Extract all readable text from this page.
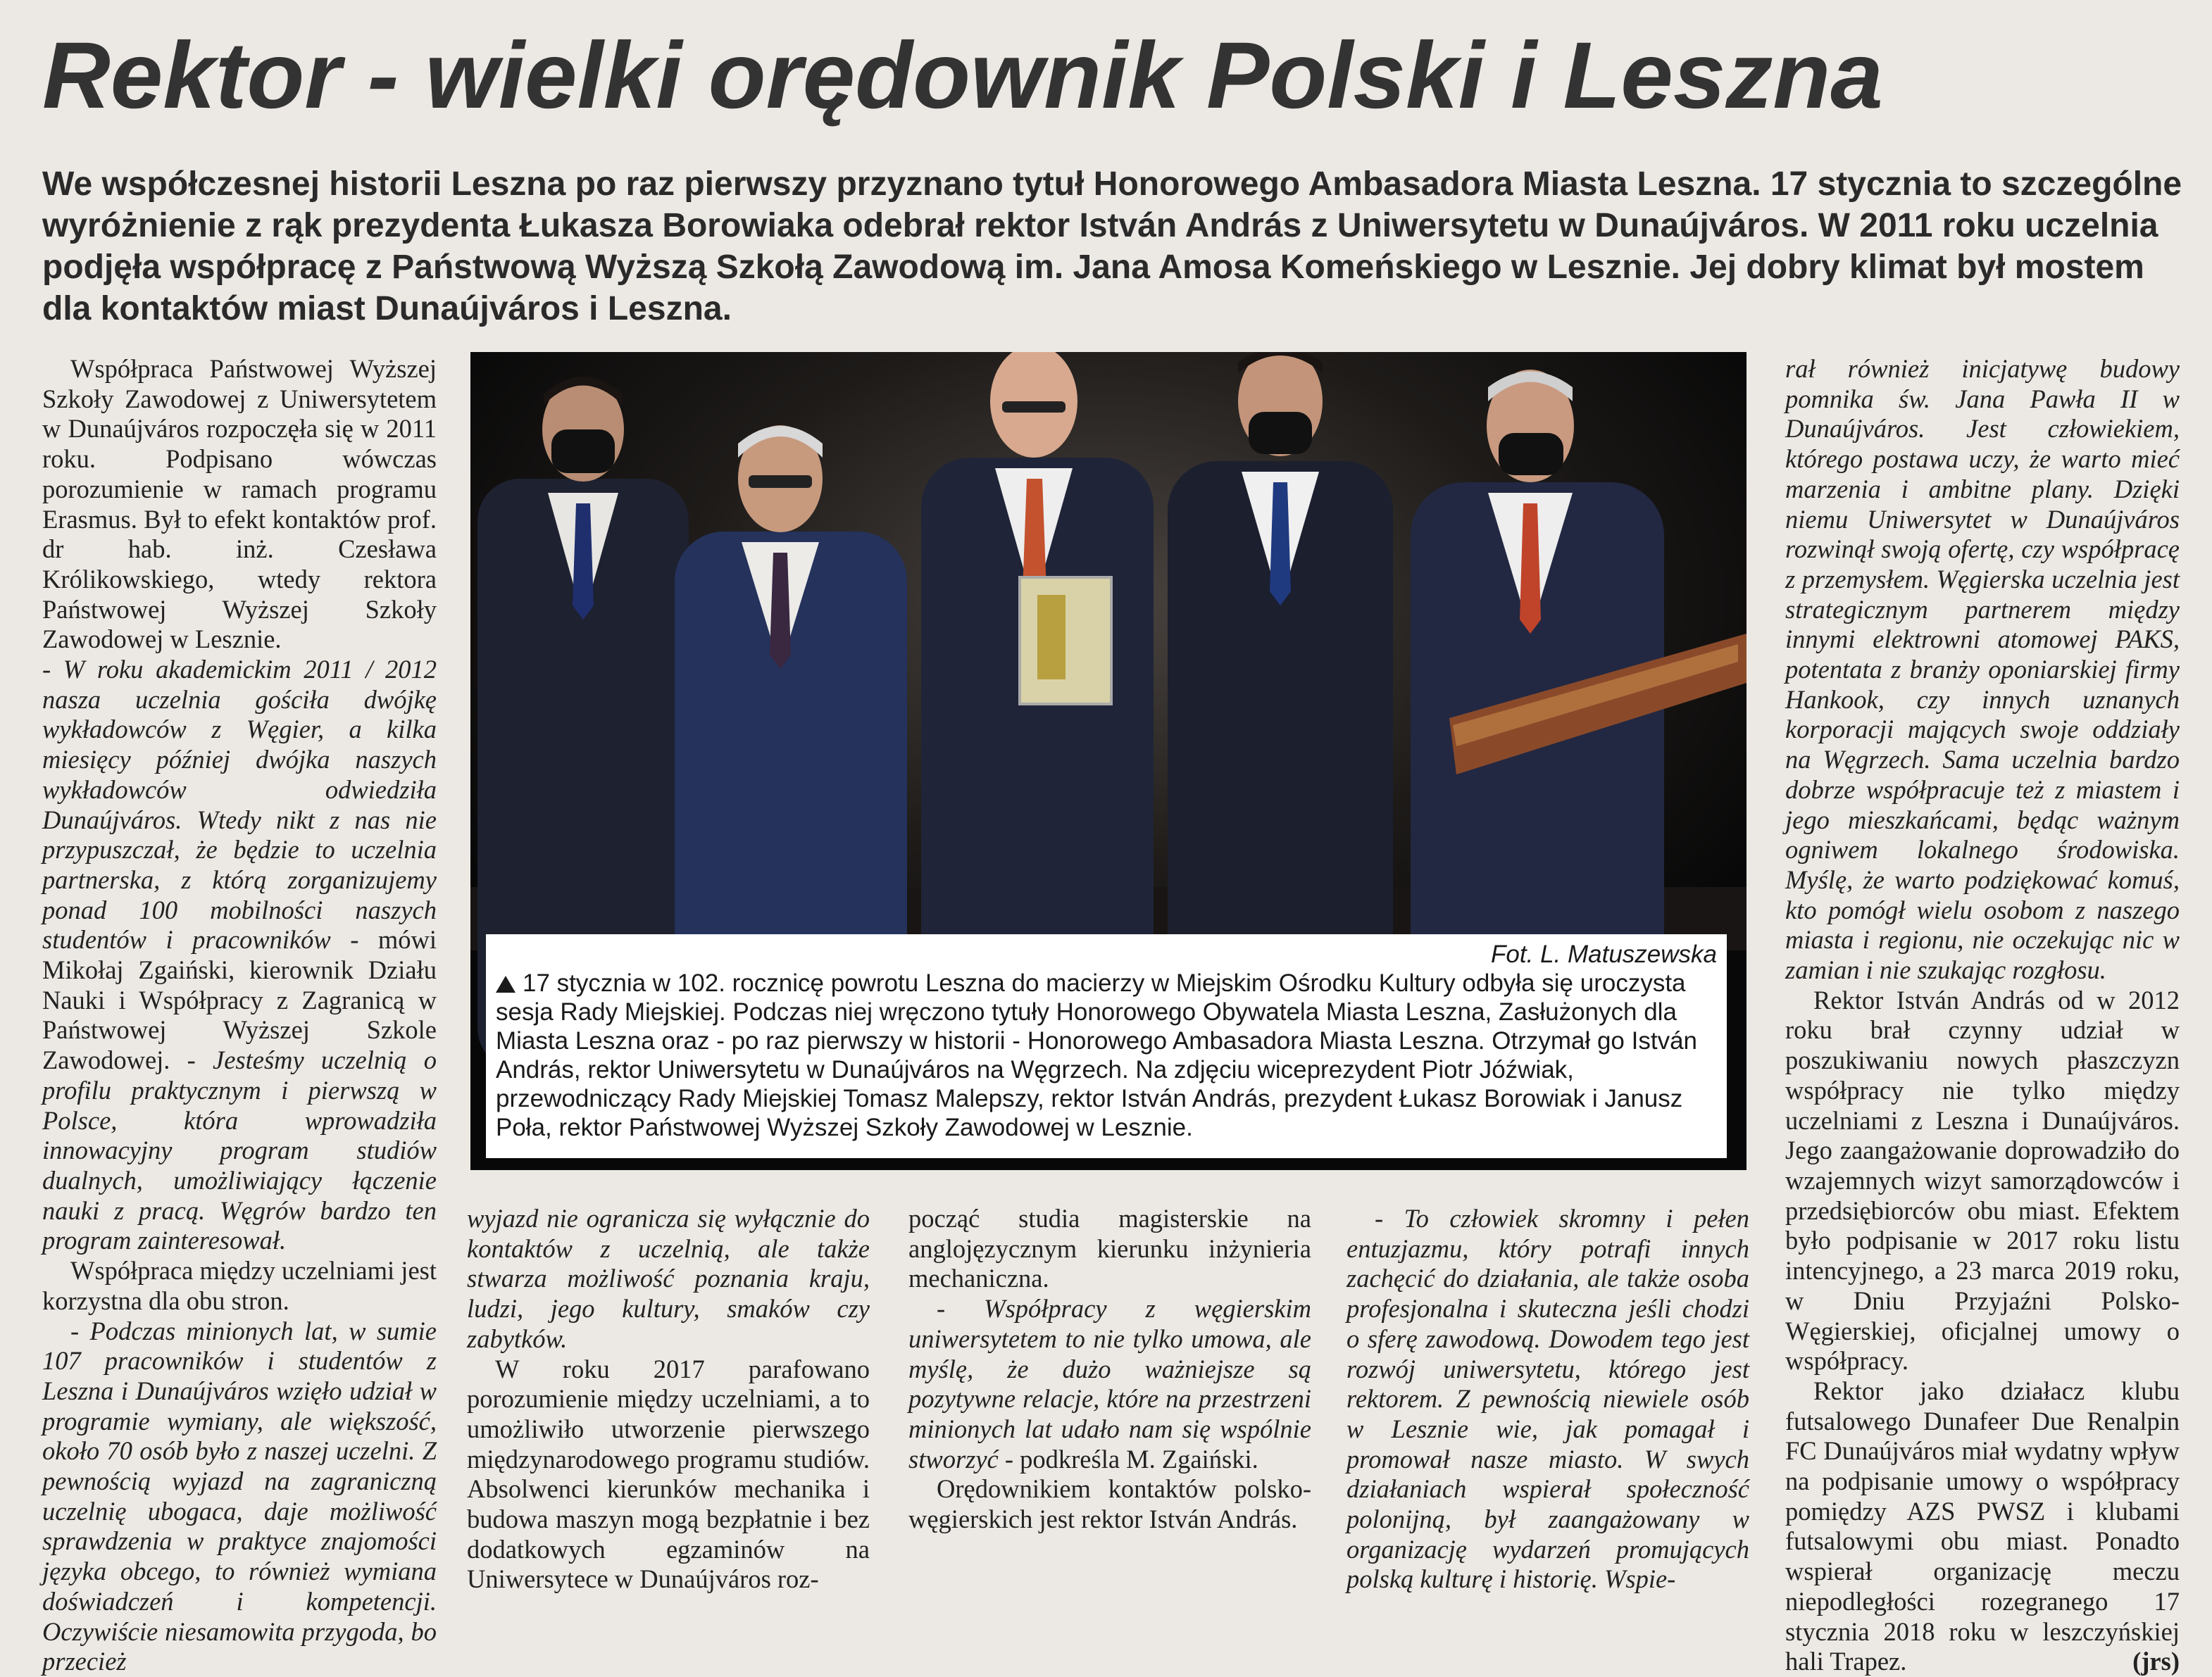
Rektor - wielki orędownik Polski i Leszna

We współczesnej historii Leszna po raz pierwszy przyznano tytuł Honorowego Ambasadora Miasta Leszna. 17 stycznia to szczególne wyróżnienie z rąk prezydenta Łukasza Borowiaka odebrał rektor István András z Uniwersytetu w Dunaújváros. W 2011 roku uczelnia podjęła współpracę z Państwową Wyższą Szkołą Zawodową im. Jana Amosa Komeńskiego w Lesznie. Jej dobry klimat był mostem dla kontaktów miast Dunaújváros i Leszna.

Współpraca Państwowej Wyższej Szkoły Zawodowej z Uniwersytetem w Dunaújváros rozpoczęła się w 2011 roku. Podpisano wówczas porozumienie w ramach programu Erasmus. Był to efekt kontaktów prof. dr hab. inż. Czesława Królikowskiego, wtedy rektora Państwowej Wyższej Szkoły Zawodowej w Lesznie.

- W roku akademickim 2011 / 2012 nasza uczelnia gościła dwójkę wykładowców z Węgier, a kilka miesięcy później dwójka naszych wykładowców odwiedziła Dunaújváros. Wtedy nikt z nas nie przypuszczał, że będzie to uczelnia partnerska, z którą zorganizujemy ponad 100 mobilności naszych studentów i pracowników - mówi Mikołaj Zgaiński, kierownik Działu Nauki i Współpracy z Zagranicą w Państwowej Wyższej Szkole Zawodowej. - Jesteśmy uczelnią o profilu praktycznym i pierwszą w Polsce, która wprowadziła innowacyjny program studiów dualnych, umożliwiający łączenie nauki z pracą. Węgrów bardzo ten program zainteresował.

Współpraca między uczelniami jest korzystna dla obu stron.

- Podczas minionych lat, w sumie 107 pracowników i studentów z Leszna i Dunaújváros wzięło udział w programie wymiany, ale większość, około 70 osób było z naszej uczelni. Z pewnością wyjazd na zagraniczną uczelnię ubogaca, daje możliwość sprawdzenia w praktyce znajomości języka obcego, to również wymiana doświadczeń i kompetencji. Oczywiście niesamowita przygoda, bo przecież

Fot. L. Matuszewska

17 stycznia w 102. rocznicę powrotu Leszna do macierzy w Miejskim Ośrodku Kultury odbyła się uroczysta sesja Rady Miejskiej. Podczas niej wręczono tytuły Honorowego Obywatela Miasta Leszna, Zasłużonych dla Miasta Leszna oraz - po raz pierwszy w historii - Honorowego Ambasadora Miasta Leszna. Otrzymał go István András, rektor Uniwersytetu w Dunaújváros na Węgrzech. Na zdjęciu wiceprezydent Piotr Jóźwiak, przewodniczący Rady Miejskiej Tomasz Malepszy, rektor István András, prezydent Łukasz Borowiak i Janusz Poła, rektor Państwowej Wyższej Szkoły Zawodowej w Lesznie.

wyjazd nie ogranicza się wyłącznie do kontaktów z uczelnią, ale także stwarza możliwość poznania kraju, ludzi, jego kultury, smaków czy zabytków.

W roku 2017 parafowano porozumienie między uczelniami, a to umożliwiło utworzenie pierwszego międzynarodowego programu studiów. Absolwenci kierunków mechanika i budowa maszyn mogą bezpłatnie i bez dodatkowych egzaminów na Uniwersytece w Dunaújváros roz-

począć studia magisterskie na anglojęzycznym kierunku inżynieria mechaniczna.

- Współpracy z węgierskim uniwersytetem to nie tylko umowa, ale myślę, że dużo ważniejsze są pozytywne relacje, które na przestrzeni minionych lat udało nam się wspólnie stworzyć - podkreśla M. Zgaiński.

Orędownikiem kontaktów polsko-węgierskich jest rektor István András.

- To człowiek skromny i pełen entuzjazmu, który potrafi innych zachęcić do działania, ale także osoba profesjonalna i skuteczna jeśli chodzi o sferę zawodową. Dowodem tego jest rozwój uniwersytetu, którego jest rektorem. Z pewnością niewiele osób w Lesznie wie, jak pomagał i promował nasze miasto. W swych działaniach wspierał społeczność polonijną, był zaangażowany w organizację wydarzeń promujących polską kulturę i historię. Wspie-

rał również inicjatywę budowy pomnika św. Jana Pawła II w Dunaújváros. Jest człowiekiem, którego postawa uczy, że warto mieć marzenia i ambitne plany. Dzięki niemu Uniwersytet w Dunaújváros rozwinął swoją ofertę, czy współpracę z przemysłem. Węgierska uczelnia jest strategicznym partnerem między innymi elektrowni atomowej PAKS, potentata z branży oponiarskiej firmy Hankook, czy innych uznanych korporacji mających swoje oddziały na Węgrzech. Sama uczelnia bardzo dobrze współpracuje też z miastem i jego mieszkańcami, będąc ważnym ogniwem lokalnego środowiska. Myślę, że warto podziękować komuś, kto pomógł wielu osobom z naszego miasta i regionu, nie oczekując nic w zamian i nie szukając rozgłosu.

Rektor István András od w 2012 roku brał czynny udział w poszukiwaniu nowych płaszczyzn współpracy nie tylko między uczelniami z Leszna i Dunaújváros. Jego zaangażowanie doprowadziło do wzajemnych wizyt samorządowców i przedsiębiorców obu miast. Efektem było podpisanie w 2017 roku listu intencyjnego, a 23 marca 2019 roku, w Dniu Przyjaźni Polsko-Węgierskiej, oficjalnej umowy o współpracy.

Rektor jako działacz klubu futsalowego Dunafeer Due Renalpin FC Dunaújváros miał wydatny wpływ na podpisanie umowy o współpracy pomiędzy AZS PWSZ i klubami futsalowymi obu miast. Ponadto wspierał organizację meczu niepodległości rozegranego 17 stycznia 2018 roku w leszczyńskiej hali Trapez.	(jrs)
